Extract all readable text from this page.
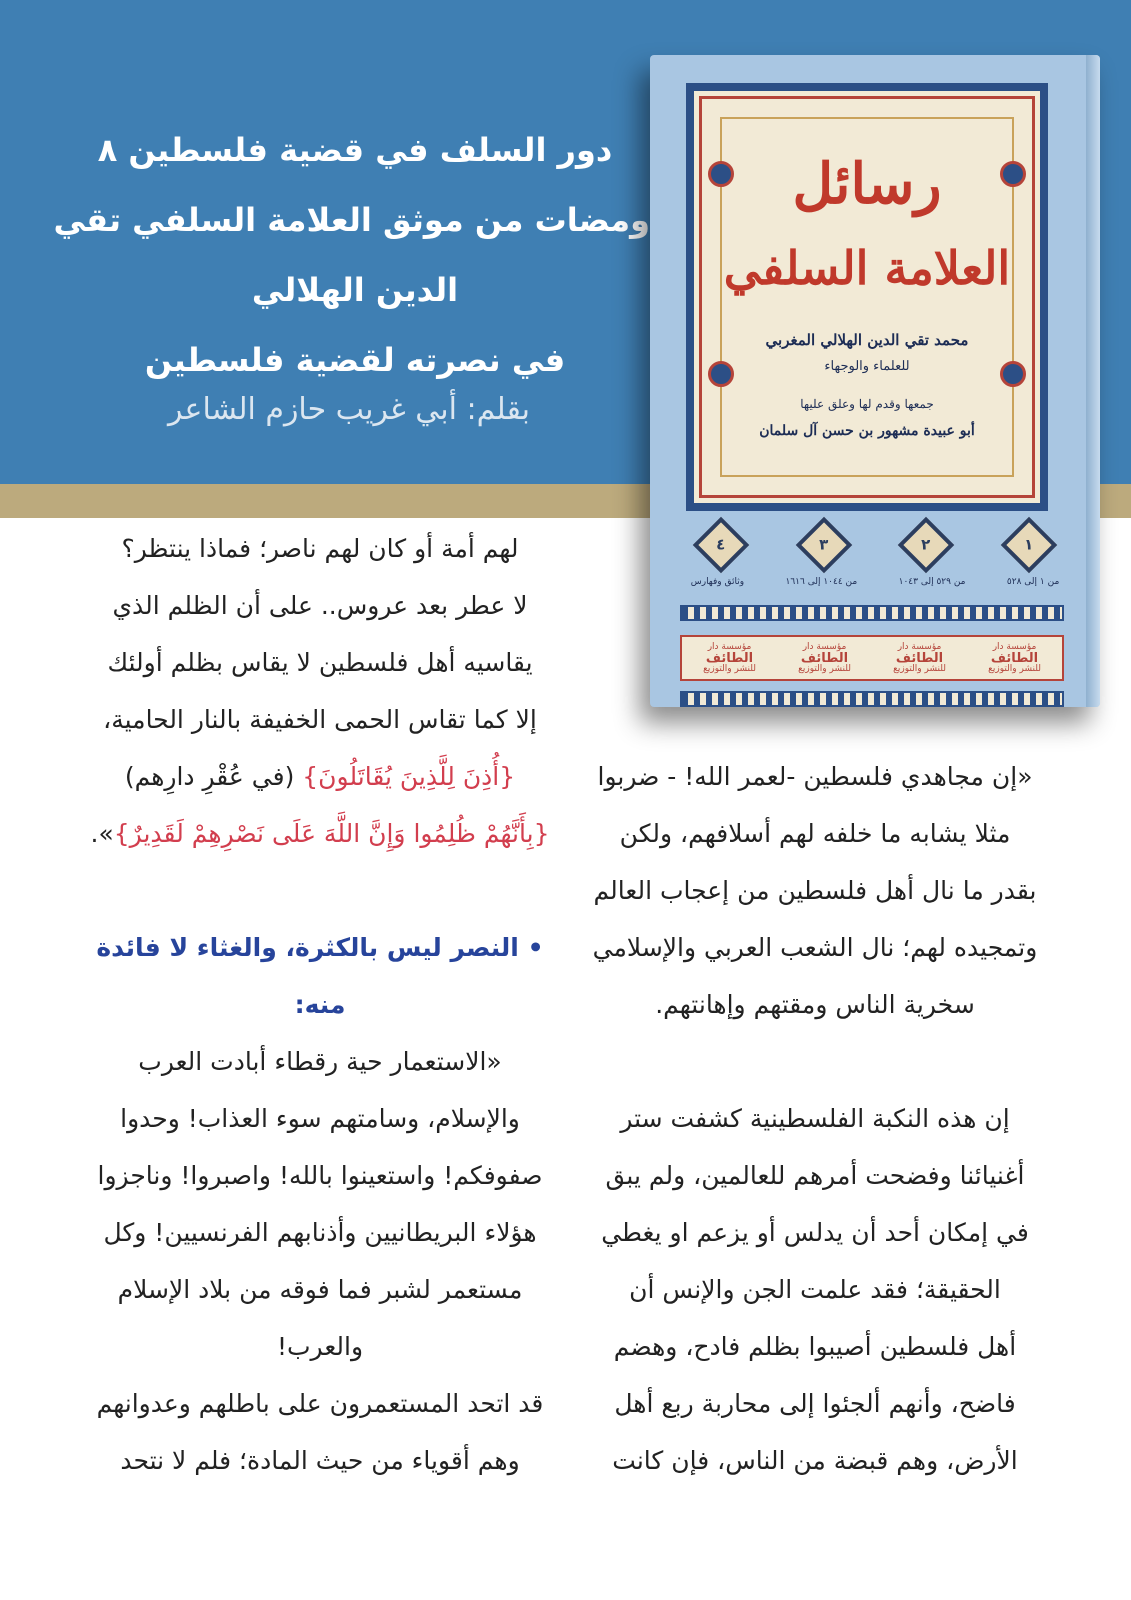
دور السلف في قضية فلسطين ٨
ومضات من موثق العلامة السلفي تقي
الدين الهلالي
في نصرته لقضية فلسطين
بقلم: أبي غريب حازم الشاعر
رسائل
العلامة السلفي
محمد تقي الدين الهلالي المغربي
للعلماء والوجهاء
جمعها وقدم لها وعلق عليها
أبو عبيدة مشهور بن حسن آل سلمان
١
٢
٣
٤
من ١ إلى ٥٢٨
من ٥٢٩ إلى ١٠٤٣
من ١٠٤٤ إلى ١٦١٦
وثائق وفهارس
مؤسسة دار
الطائف
للنشر والتوزيع
مؤسسة دار
الطائف
للنشر والتوزيع
مؤسسة دار
الطائف
للنشر والتوزيع
مؤسسة دار
الطائف
للنشر والتوزيع
لهم أمة أو كان لهم ناصر؛ فماذا ينتظر؟
لا عطر بعد عروس.. على أن الظلم الذي
يقاسيه أهل فلسطين لا يقاس بظلم أولئك
إلا كما تقاس الحمى الخفيفة بالنار الحامية،
{أُذِنَ لِلَّذِينَ يُقَاتَلُونَ} (في عُقْرِ دارِهم)
{بِأَنَّهُمْ ظُلِمُوا وَإِنَّ اللَّهَ عَلَى نَصْرِهِمْ لَقَدِيرٌ}».
• النصر ليس بالكثرة، والغثاء لا فائدة
منه:
«الاستعمار حية رقطاء أبادت العرب
والإسلام، وسامتهم سوء العذاب! وحدوا
صفوفكم! واستعينوا بالله! واصبروا! وناجزوا
هؤلاء البريطانيين وأذنابهم الفرنسيين! وكل
مستعمر لشبر فما فوقه من بلاد الإسلام
والعرب!
قد اتحد المستعمرون على باطلهم وعدوانهم
وهم أقوياء من حيث المادة؛ فلم لا نتحد
«إن مجاهدي فلسطين -لعمر الله! - ضربوا
مثلا يشابه ما خلفه لهم أسلافهم، ولكن
بقدر ما نال أهل فلسطين من إعجاب العالم
وتمجيده لهم؛ نال الشعب العربي والإسلامي
سخرية الناس ومقتهم وإهانتهم.
إن هذه النكبة الفلسطينية كشفت ستر
أغنيائنا وفضحت أمرهم للعالمين، ولم يبق
في إمكان أحد أن يدلس أو يزعم او يغطي
الحقيقة؛ فقد علمت الجن والإنس أن
أهل فلسطين أصيبوا بظلم فادح، وهضم
فاضح، وأنهم ألجئوا إلى محاربة ربع أهل
الأرض، وهم قبضة من الناس، فإن كانت
